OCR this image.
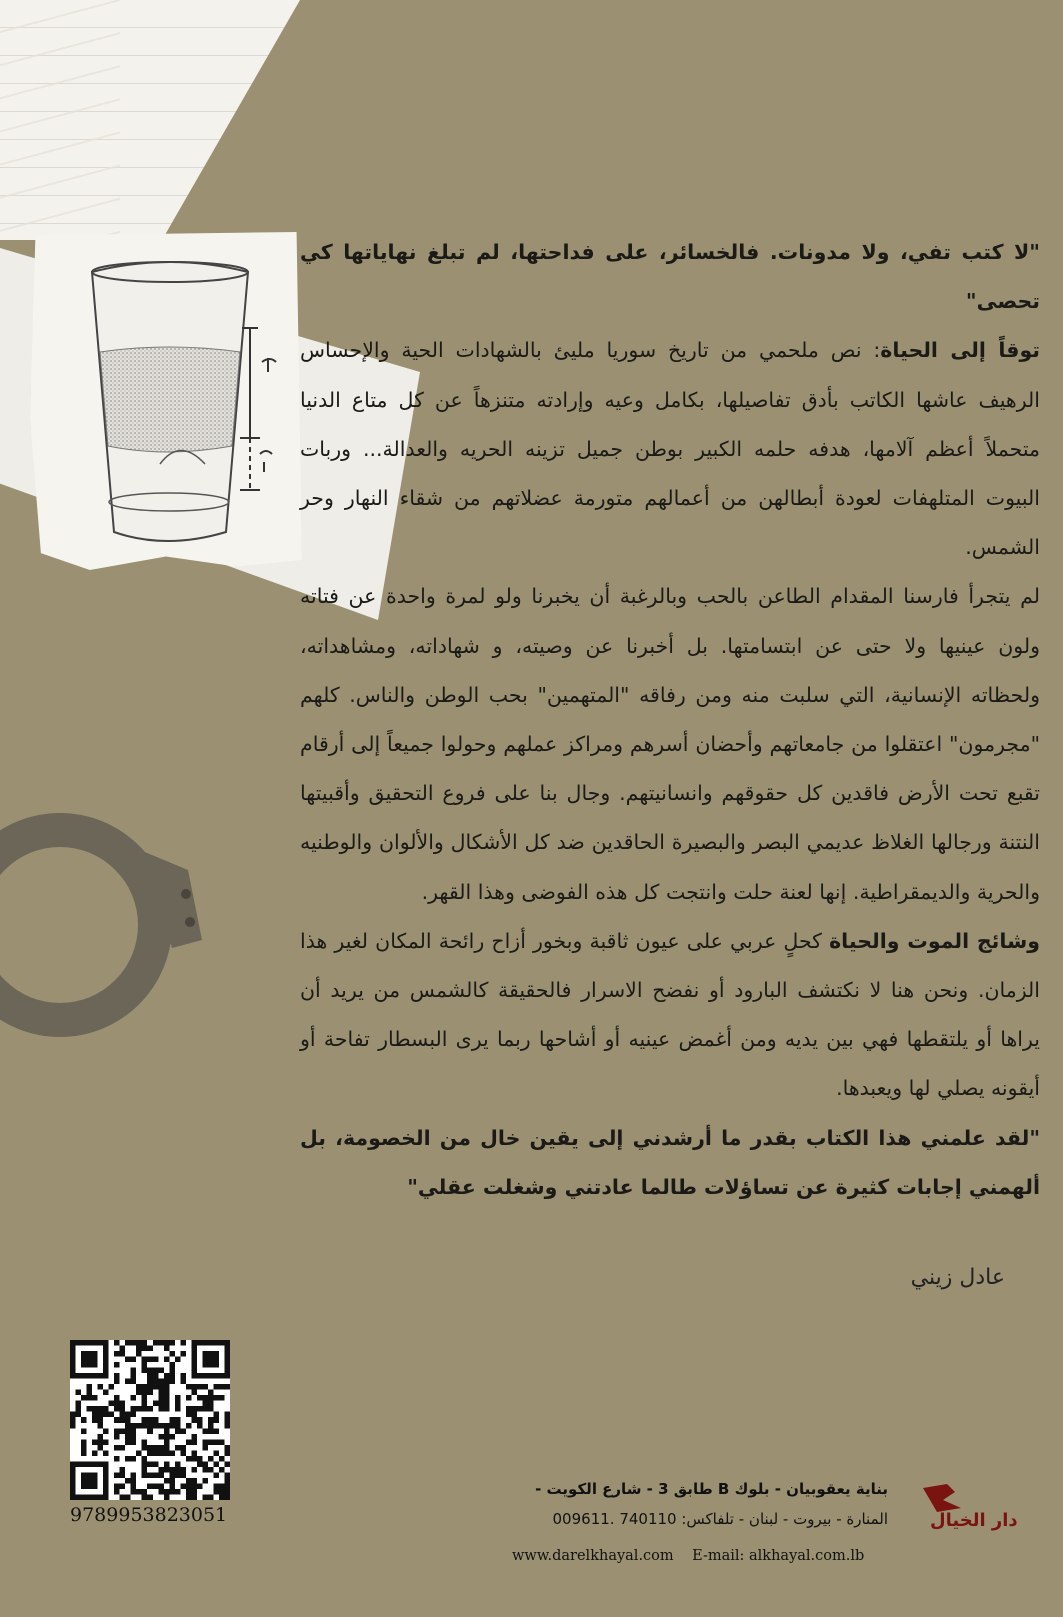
"لا كتب تفي، ولا مدونات. فالخسائر، على فداحتها، لم تبلغ نهاياتها كي تحصى"

توقاً إلى الحياة: نص ملحمي من تاريخ سوريا مليئ بالشهادات الحية والإحساس الرهيف عاشها الكاتب بأدق تفاصيلها، بكامل وعيه وإرادته متنزهاً عن كل متاع الدنيا متحملاً أعظم آلامها، هدفه حلمه الكبير بوطن جميل تزينه الحريه والعدالة... وربات البيوت المتلهفات لعودة أبطالهن من أعمالهم متورمة عضلاتهم من شقاء النهار وحر الشمس.

لم يتجرأ فارسنا المقدام الطاعن بالحب وبالرغبة أن يخبرنا ولو لمرة واحدة عن فتاته ولون عينيها ولا حتى عن ابتسامتها. بل أخبرنا عن وصيته، و شهاداته، ومشاهداته، ولحظاته الإنسانية، التي سلبت منه ومن رفاقه "المتهمين" بحب الوطن والناس. كلهم "مجرمون" اعتقلوا من جامعاتهم وأحضان أسرهم ومراكز عملهم وحولوا جميعاً إلى أرقام تقبع تحت الأرض فاقدين كل حقوقهم وانسانيتهم. وجال بنا على فروع التحقيق وأقبيتها النتنة ورجالها الغلاظ عديمي البصر والبصيرة الحاقدين ضد كل الأشكال والألوان والوطنيه والحرية والديمقراطية. إنها لعنة حلت وانتجت كل هذه الفوضى وهذا القهر.

وشائج الموت والحياة كحلٍ عربي على عيون ثاقبة وبخور أزاح رائحة المكان لغير هذا الزمان. ونحن هنا لا نكتشف البارود أو نفضح الاسرار فالحقيقة كالشمس من يريد أن يراها أو يلتقطها فهي بين يديه ومن أغمض عينيه أو أشاحها ربما يرى البسطار تفاحة أو أيقونه يصلي لها ويعبدها.

"لقد علمني هذا الكتاب بقدر ما أرشدني إلى يقين خال من الخصومة، بل ألهمني إجابات كثيرة عن تساؤلات طالما عادتني وشغلت عقلي"

عادل زيني
9789953823051
بناية يعقوبيان - بلوك B طابق 3 - شارع الكويت -
المنارة - بيروت - لبنان - تلفاكس: 740110 .009611
www.darelkhayal.com E-mail: alkhayal.com.lb
دار الخيال
